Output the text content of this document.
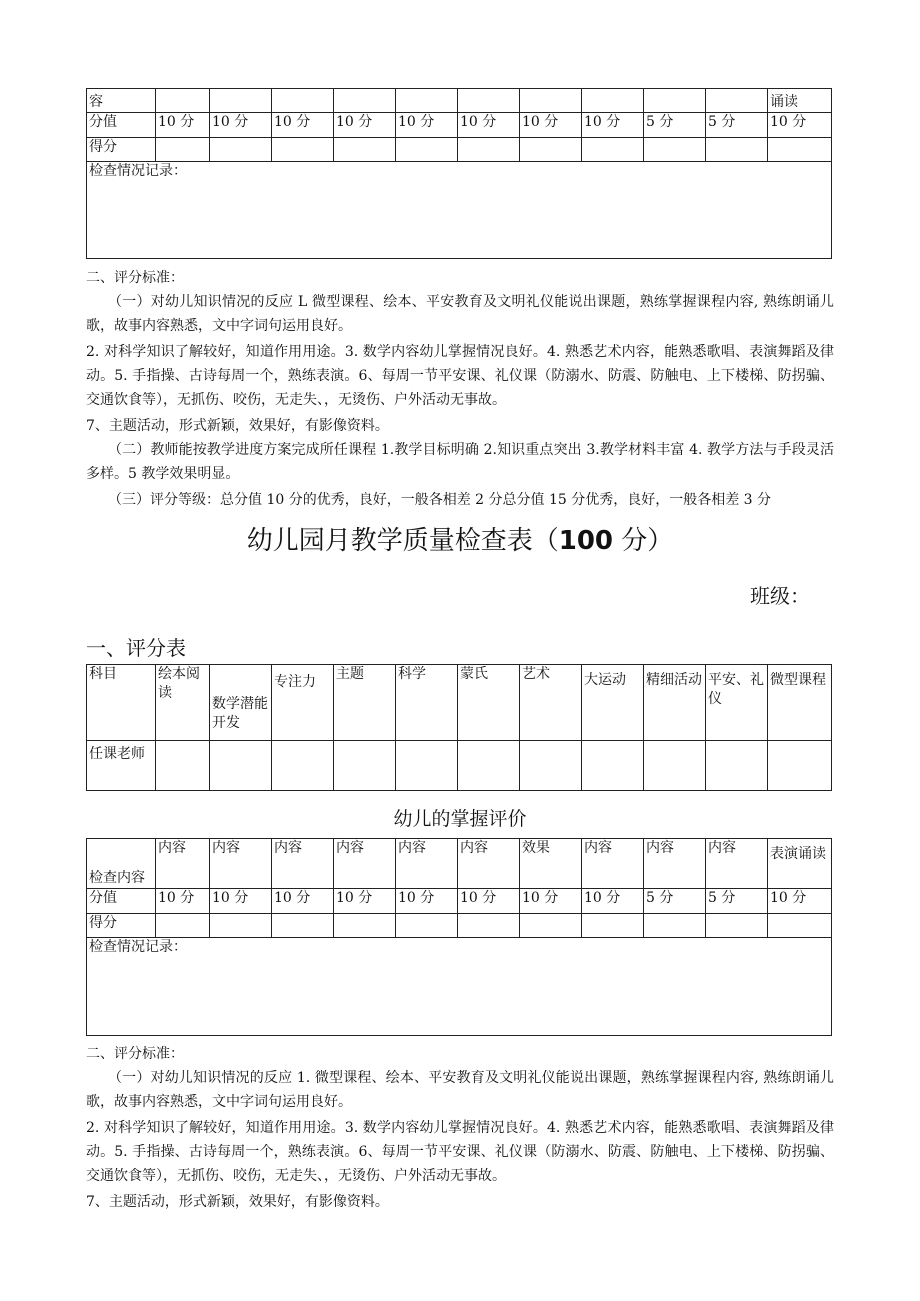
容											诵读
分值	10 分	10 分	10 分	10 分	10 分	10 分	10 分	10 分	5 分	5 分	10 分
得分											
检查情况记录：											

二、评分标准：

（一）对幼儿知识情况的反应 L 微型课程、绘本、平安教育及文明礼仪能说出课题，熟练掌握课程内容, 熟练朗诵儿歌，故事内容熟悉，文中字词句运用良好。

2. 对科学知识了解较好，知道作用用途。3. 数学内容幼儿掌握情况良好。4. 熟悉艺术内容，能熟悉歌唱、表演舞蹈及律动。5. 手指操、古诗每周一个，熟练表演。6、每周一节平安课、礼仪课（防溺水、防震、防触电、上下楼梯、防拐骗、交通饮食等），无抓伤、咬伤，无走失、，无烫伤、户外活动无事故。

7、主题活动，形式新颖，效果好，有影像资料。

（二）教师能按教学进度方案完成所任课程 1.教学目标明确 2.知识重点突出 3.教学材料丰富 4. 教学方法与手段灵活多样。5 教学效果明显。

（三）评分等级：总分值 10 分的优秀，良好，一般各相差 2 分总分值 15 分优秀，良好，一般各相差 3 分

幼儿园月教学质量检查表（100 分）
班级：
一、评分表
科目	绘本阅读	数学潜能开发	专注力	主题	科学	蒙氏	艺术	大运动	精细活动	平安、礼仪	微型课程
任课老师											
幼儿的掌握评价
检查内容	内容	内容	内容	内容	内容	内容	效果	内容	内容	内容	表演诵读
分值	10 分	10 分	10 分	10 分	10 分	10 分	10 分	10 分	5 分	5 分	10 分
得分											
检查情况记录：											

二、评分标准：

（一）对幼儿知识情况的反应 1. 微型课程、绘本、平安教育及文明礼仪能说出课题，熟练掌握课程内容, 熟练朗诵儿歌，故事内容熟悉，文中字词句运用良好。

2. 对科学知识了解较好，知道作用用途。3. 数学内容幼儿掌握情况良好。4. 熟悉艺术内容，能熟悉歌唱、表演舞蹈及律动。5. 手指操、古诗每周一个，熟练表演。6、每周一节平安课、礼仪课（防溺水、防震、防触电、上下楼梯、防拐骗、交通饮食等），无抓伤、咬伤，无走失、，无烫伤、户外活动无事故。

7、主题活动，形式新颖，效果好，有影像资料。
